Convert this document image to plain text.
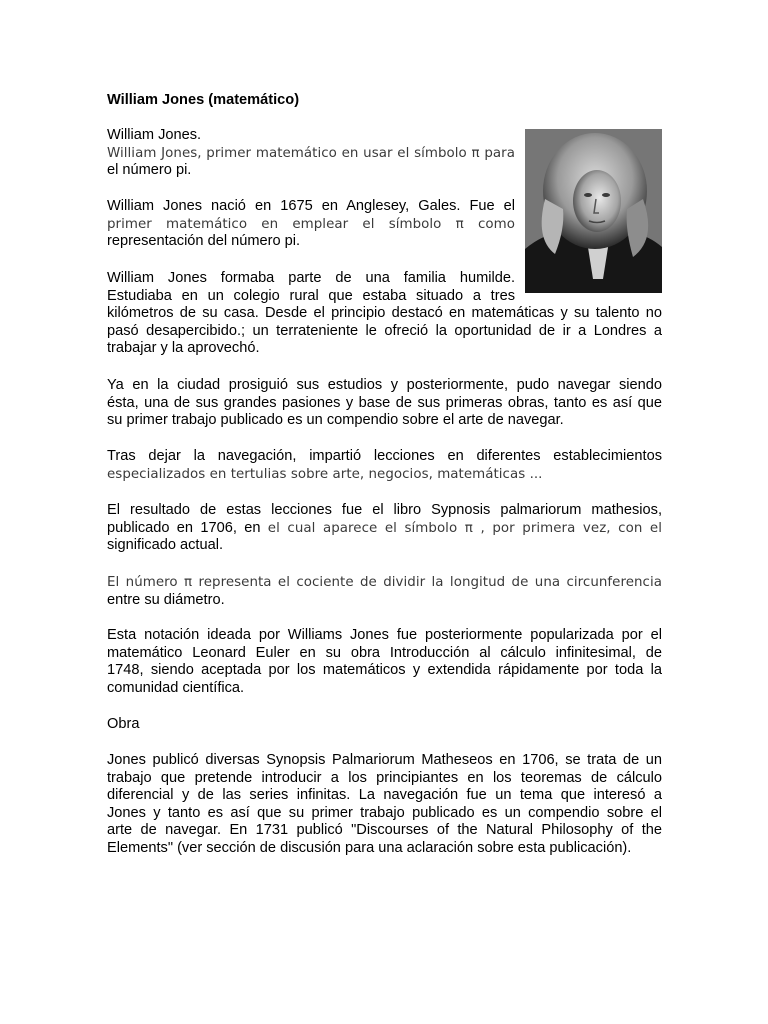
William Jones (matemático)

William Jones.
William Jones, primer matemático en usar el símbolo π para
el número pi.

William Jones nació en 1675 en Anglesey, Gales. Fue el
primer matemático en emplear el símbolo π como
representación del número pi.

William Jones formaba parte de una familia humilde.
Estudiaba en un colegio rural que estaba situado a tres
kilómetros de su casa. Desde el principio destacó en matemáticas y su talento no
pasó desapercibido.; un terrateniente le ofreció la oportunidad de ir a Londres a
trabajar y la aprovechó.

Ya en la ciudad prosiguió sus estudios y posteriormente, pudo navegar siendo
ésta, una de sus grandes pasiones y base de sus primeras obras, tanto es así que
su primer trabajo publicado es un compendio sobre el arte de navegar.

Tras dejar la navegación, impartió lecciones en diferentes establecimientos
especializados en tertulias sobre arte, negocios, matemáticas ...

El resultado de estas lecciones fue el libro Sypnosis palmariorum mathesios,
publicado en 1706, en el cual aparece el símbolo π , por primera vez, con el
significado actual.

El número π representa el cociente de dividir la longitud de una circunferencia
entre su diámetro.

Esta notación ideada por Williams Jones fue posteriormente popularizada por el
matemático Leonard Euler en su obra Introducción al cálculo infinitesimal, de
1748, siendo aceptada por los matemáticos y extendida rápidamente por toda la
comunidad científica.

Obra

Jones publicó diversas Synopsis Palmariorum Matheseos en 1706, se trata de un
trabajo que pretende introducir a los principiantes en los teoremas de cálculo
diferencial y de las series infinitas. La navegación fue un tema que interesó a
Jones y tanto es así que su primer trabajo publicado es un compendio sobre el
arte de navegar. En 1731 publicó "Discourses of the Natural Philosophy of the
Elements" (ver sección de discusión para una aclaración sobre esta publicación).
